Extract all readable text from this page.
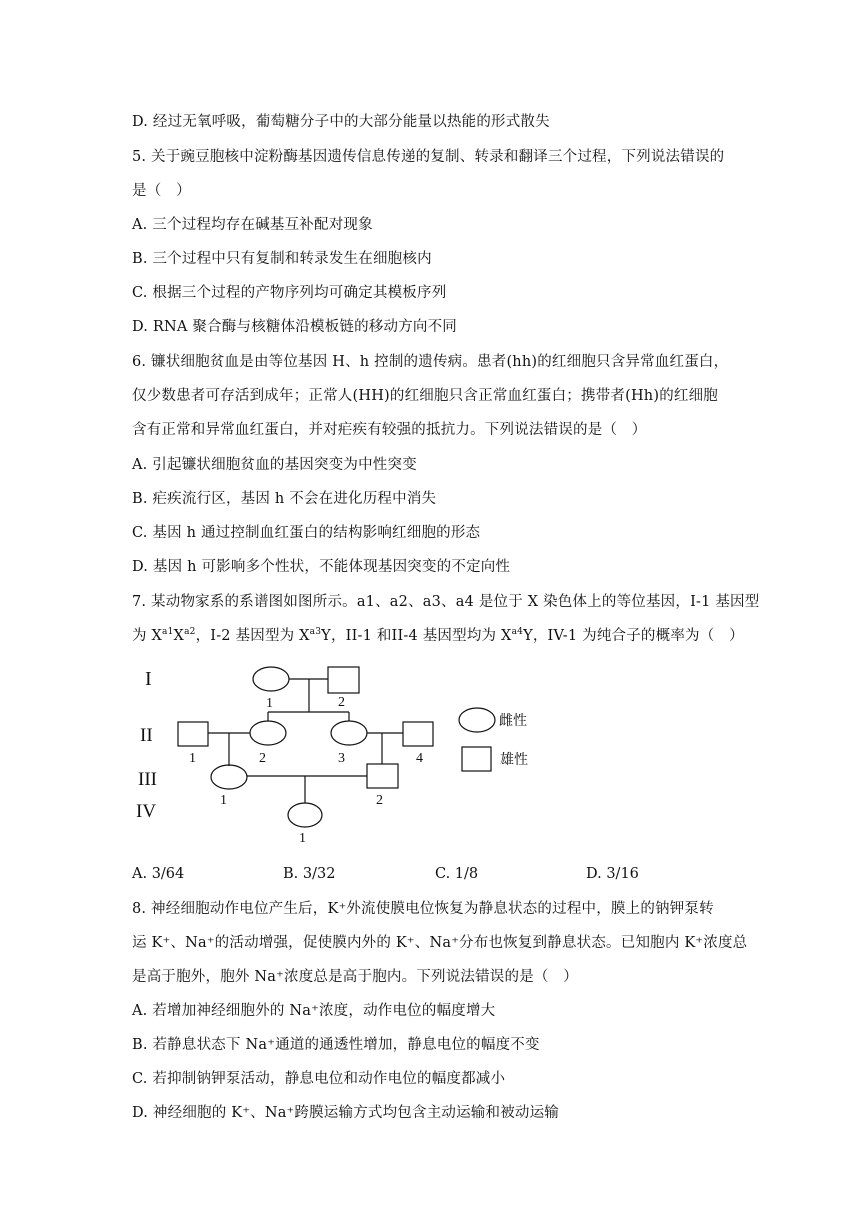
D. 经过无氧呼吸，葡萄糖分子中的大部分能量以热能的形式散失
5. 关于豌豆胞核中淀粉酶基因遗传信息传递的复制、转录和翻译三个过程，下列说法错误的
是（　）
A. 三个过程均存在碱基互补配对现象
B. 三个过程中只有复制和转录发生在细胞核内
C. 根据三个过程的产物序列均可确定其模板序列
D. RNA 聚合酶与核糖体沿模板链的移动方向不同
6. 镰状细胞贫血是由等位基因 H、h 控制的遗传病。患者(hh)的红细胞只含异常血红蛋白，
仅少数患者可存活到成年；正常人(HH)的红细胞只含正常血红蛋白；携带者(Hh)的红细胞
含有正常和异常血红蛋白，并对疟疾有较强的抵抗力。下列说法错误的是（　）
A. 引起镰状细胞贫血的基因突变为中性突变
B. 疟疾流行区，基因 h 不会在进化历程中消失
C. 基因 h 通过控制血红蛋白的结构影响红细胞的形态
D. 基因 h 可影响多个性状，不能体现基因突变的不定向性
7. 某动物家系的系谱图如图所示。a1、a2、a3、a4 是位于 X 染色体上的等位基因，I-1 基因型
为 $X^{a1}X^{a2}$，I-2 基因型为 $X^{a3}Y$，II-1 和II-4 基因型均为 $X^{a4}Y$，IV-1 为纯合子的概率为（　）
I
II
III
IV
1	2
1	2	3	4
1	2
1
雌性
雄性
A. 3/64	B. 3/32	C. 1/8	D. 3/16
8. 神经细胞动作电位产生后，K⁺外流使膜电位恢复为静息状态的过程中，膜上的钠钾泵转
运 K⁺、Na⁺的活动增强，促使膜内外的 K⁺、Na⁺分布也恢复到静息状态。已知胞内 K⁺浓度总
是高于胞外，胞外 Na⁺浓度总是高于胞内。下列说法错误的是（　）
A. 若增加神经细胞外的 Na⁺浓度，动作电位的幅度增大
B. 若静息状态下 Na⁺通道的通透性增加，静息电位的幅度不变
C. 若抑制钠钾泵活动，静息电位和动作电位的幅度都减小
D. 神经细胞的 K⁺、Na⁺跨膜运输方式均包含主动运输和被动运输
